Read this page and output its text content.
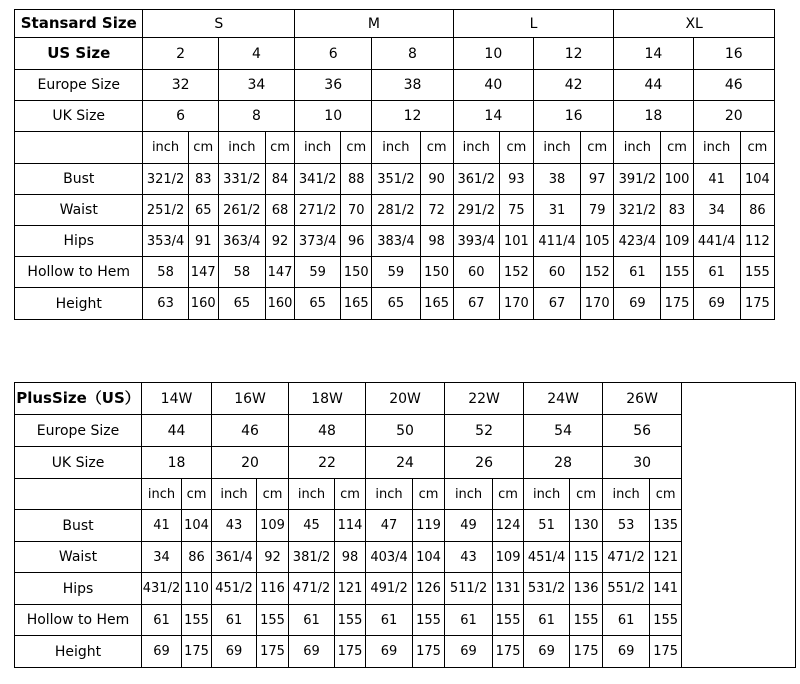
Stansard Size	S				M				L				XL			
US Size	2		4		6		8		10		12		14		16	
Europe Size	32		34		36		38		40		42		44		46	
UK Size	6		8		10		12		14		16		18		20	
	inch	cm	inch	cm	inch	cm	inch	cm	inch	cm	inch	cm	inch	cm	inch	cm
Bust	321/2	83	331/2	84	341/2	88	351/2	90	361/2	93	38	97	391/2	100	41	104
Waist	251/2	65	261/2	68	271/2	70	281/2	72	291/2	75	31	79	321/2	83	34	86
Hips	353/4	91	363/4	92	373/4	96	383/4	98	393/4	101	411/4	105	423/4	109	441/4	112
Hollow to Hem	58	147	58	147	59	150	59	150	60	152	60	152	61	155	61	155
Height	63	160	65	160	65	165	65	165	67	170	67	170	69	175	69	175
PlusSize（US）	14W		16W		18W		20W		22W		24W		26W		
Europe Size	44		46		48		50		52		54		56		
UK Size	18		20		22		24		26		28		30		
	inch	cm	inch	cm	inch	cm	inch	cm	inch	cm	inch	cm	inch	cm	
Bust	41	104	43	109	45	114	47	119	49	124	51	130	53	135	
Waist	34	86	361/4	92	381/2	98	403/4	104	43	109	451/4	115	471/2	121	
Hips	431/2	110	451/2	116	471/2	121	491/2	126	511/2	131	531/2	136	551/2	141	
Hollow to Hem	61	155	61	155	61	155	61	155	61	155	61	155	61	155	
Height	69	175	69	175	69	175	69	175	69	175	69	175	69	175	
